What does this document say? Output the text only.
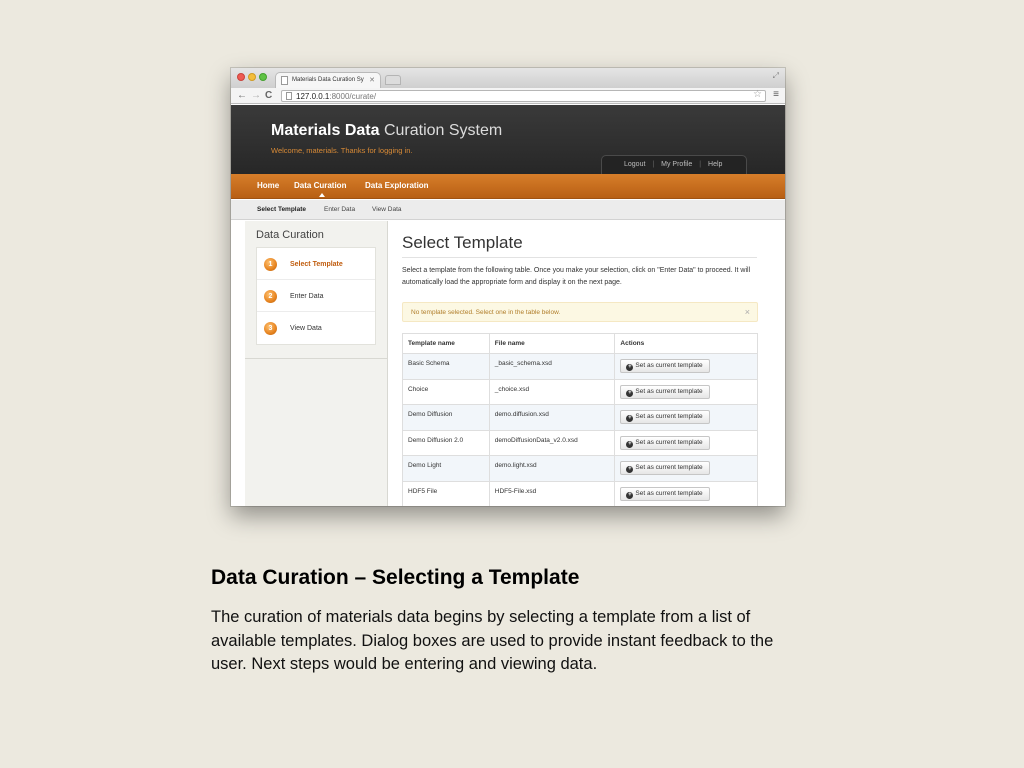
Materials Data Curation Sy ✕
⤢
← → C	127.0.0.1:8000/curate/	☆ ≡
Materials Data Curation System
Welcome, materials. Thanks for logging in.
Logout | My Profile | Help
Home Data Curation Data Exploration
Select Template	Enter Data	View Data
Data Curation
1	Select Template
2	Enter Data
3	View Data
Select Template
Select a template from the following table. Once you make your selection, click on "Enter Data" to proceed. It will automatically load the appropriate form and display it on the next page.
No template selected. Select one in the table below.	×
Template name	File name	Actions
Basic Schema	_basic_schema.xsd	+ Set as current template
Choice	_choice.xsd	+ Set as current template
Demo Diffusion	demo.diffusion.xsd	+ Set as current template
Demo Diffusion 2.0	demoDiffusionData_v2.0.xsd	+ Set as current template
Demo Light	demo.light.xsd	+ Set as current template
HDF5 File	HDF5-File.xsd	+ Set as current template
Data Curation – Selecting a Template
The curation of materials data begins by selecting a template from a list of available templates. Dialog boxes are used to provide instant feedback to the user. Next steps would be entering and viewing data.
